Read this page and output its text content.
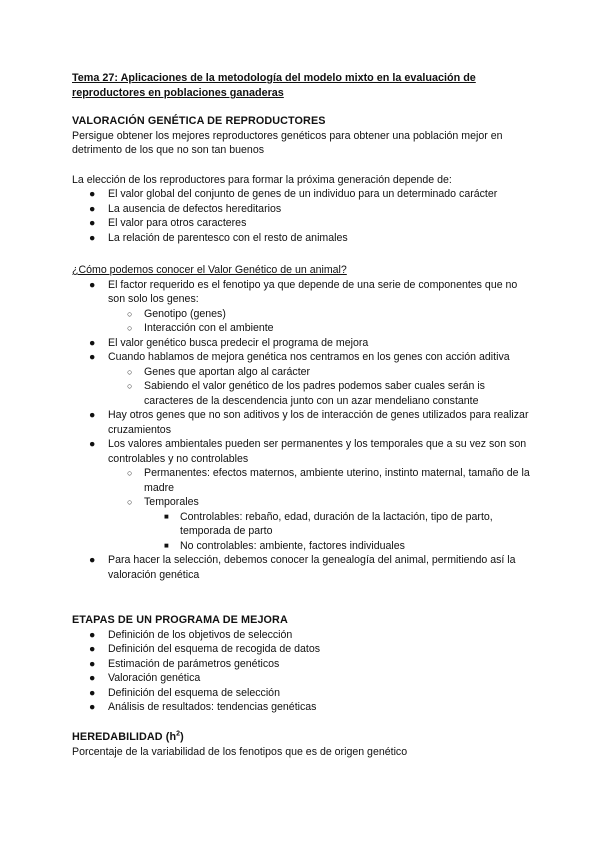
Tema 27: Aplicaciones de la metodología del modelo mixto en la evaluación de
reproductores en poblaciones ganaderas
VALORACIÓN GENÉTICA DE REPRODUCTORES
Persigue obtener los mejores reproductores genéticos para obtener una población mejor en detrimento de los que no son tan buenos
La elección de los reproductores para formar la próxima generación depende de:
● El valor global del conjunto de genes de un individuo para un determinado carácter
● La ausencia de defectos hereditarios
● El valor para otros caracteres
● La relación de parentesco con el resto de animales
¿Cómo podemos conocer el Valor Genético de un animal?
● El factor requerido es el fenotipo ya que depende de una serie de componentes que no son solo los genes:
○ Genotipo (genes)
○ Interacción con el ambiente
● El valor genético busca predecir el programa de mejora
● Cuando hablamos de mejora genética nos centramos en los genes con acción aditiva
○ Genes que aportan algo al carácter
○ Sabiendo el valor genético de los padres podemos saber cuales serán is caracteres de la descendencia junto con un azar mendeliano constante
● Hay otros genes que no son aditivos y los de interacción de genes utilizados para realizar cruzamientos
● Los valores ambientales pueden ser permanentes y los temporales que a su vez son son controlables y no controlables
○ Permanentes: efectos maternos, ambiente uterino, instinto maternal, tamaño de la madre
○ Temporales
■ Controlables: rebaño, edad, duración de la lactación, tipo de parto, temporada de parto
■ No controlables: ambiente, factores individuales
● Para hacer la selección, debemos conocer la genealogía del animal, permitiendo así la valoración genética
ETAPAS DE UN PROGRAMA DE MEJORA
● Definición de los objetivos de selección
● Definición del esquema de recogida de datos
● Estimación de parámetros genéticos
● Valoración genética
● Definición del esquema de selección
● Análisis de resultados: tendencias genéticas
HEREDABILIDAD $(h^2)$
Porcentaje de la variabilidad de los fenotipos que es de origen genético
